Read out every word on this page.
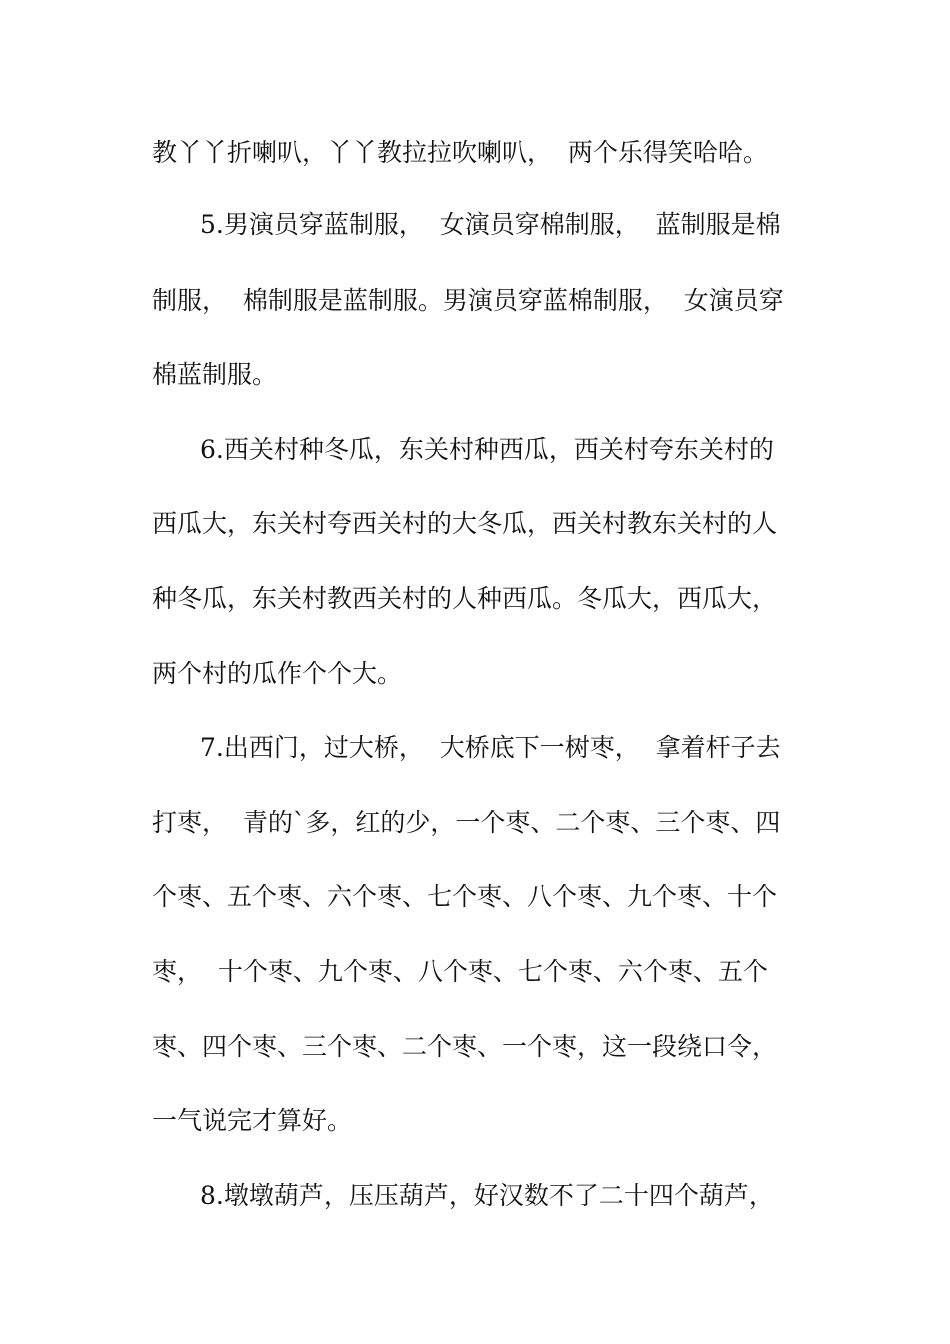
教丫丫折喇叭，丫丫教拉拉吹喇叭，  两个乐得笑哈哈。
5.男演员穿蓝制服，  女演员穿棉制服，  蓝制服是棉
制服，  棉制服是蓝制服。男演员穿蓝棉制服，  女演员穿
棉蓝制服。
6.西关村种冬瓜，东关村种西瓜，西关村夸东关村的
西瓜大，东关村夸西关村的大冬瓜，西关村教东关村的人
种冬瓜，东关村教西关村的人种西瓜。冬瓜大，西瓜大，
两个村的瓜作个个大。
7.出西门，过大桥，  大桥底下一树枣，  拿着杆子去
打枣，  青的`多，红的少，一个枣、二个枣、三个枣、四
个枣、五个枣、六个枣、七个枣、八个枣、九个枣、十个
枣，  十个枣、九个枣、八个枣、七个枣、六个枣、五个
枣、四个枣、三个枣、二个枣、一个枣，这一段绕口令，
一气说完才算好。
8.墩墩葫芦，压压葫芦，好汉数不了二十四个葫芦，
